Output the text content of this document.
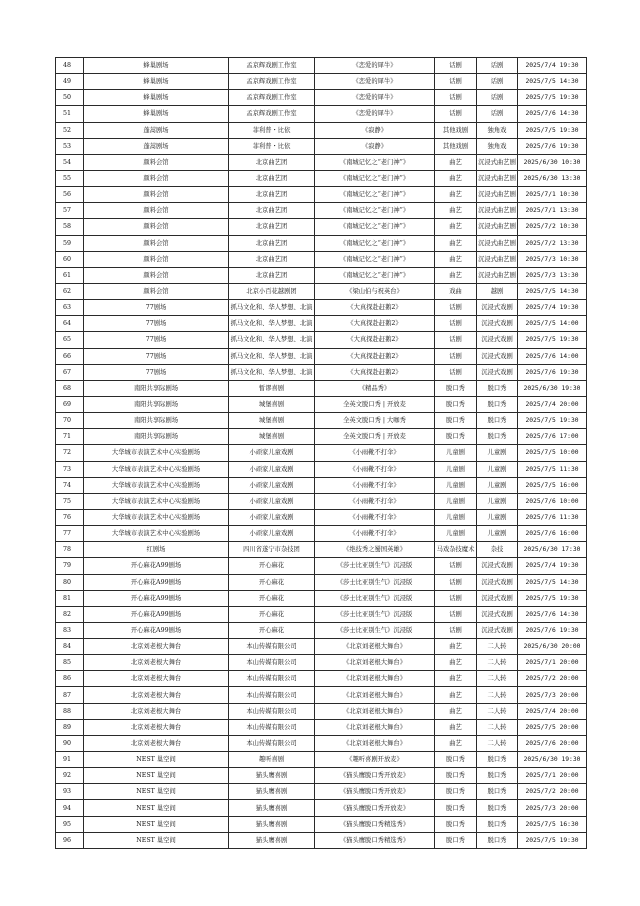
48	蜂巢剧场	孟京辉戏剧工作室	《恋爱的犀牛》	话剧	话剧	2025/7/4 19:30
49	蜂巢剧场	孟京辉戏剧工作室	《恋爱的犀牛》	话剧	话剧	2025/7/5 14:30
50	蜂巢剧场	孟京辉戏剧工作室	《恋爱的犀牛》	话剧	话剧	2025/7/5 19:30
51	蜂巢剧场	孟京辉戏剧工作室	《恋爱的犀牛》	话剧	话剧	2025/7/6 14:30
52	蓬蒿剧场	菲利普・比依	《寂静》	其他戏剧	独角戏	2025/7/5 19:30
53	蓬蒿剧场	菲利普・比依	《寂静》	其他戏剧	独角戏	2025/7/6 19:30
54	颜料会馆	北京曲艺团	《南城记忆之“老门神”》	曲艺	沉浸式曲艺剧	2025/6/30 10:30
55	颜料会馆	北京曲艺团	《南城记忆之“老门神”》	曲艺	沉浸式曲艺剧	2025/6/30 13:30
56	颜料会馆	北京曲艺团	《南城记忆之“老门神”》	曲艺	沉浸式曲艺剧	2025/7/1 10:30
57	颜料会馆	北京曲艺团	《南城记忆之“老门神”》	曲艺	沉浸式曲艺剧	2025/7/1 13:30
58	颜料会馆	北京曲艺团	《南城记忆之“老门神”》	曲艺	沉浸式曲艺剧	2025/7/2 10:30
59	颜料会馆	北京曲艺团	《南城记忆之“老门神”》	曲艺	沉浸式曲艺剧	2025/7/2 13:30
60	颜料会馆	北京曲艺团	《南城记忆之“老门神”》	曲艺	沉浸式曲艺剧	2025/7/3 10:30
61	颜料会馆	北京曲艺团	《南城记忆之“老门神”》	曲艺	沉浸式曲艺剧	2025/7/3 13:30
62	颜料会馆	北京小百花越剧团	《梁山伯与祝英台》	戏曲	越剧	2025/7/5 14:30
63	77剧场	抓马文化和、华人梦想、北演	《大真探赴赶鹅2》	话剧	沉浸式戏剧	2025/7/4 19:30
64	77剧场	抓马文化和、华人梦想、北演	《大真探赴赶鹅2》	话剧	沉浸式戏剧	2025/7/5 14:00
65	77剧场	抓马文化和、华人梦想、北演	《大真探赴赶鹅2》	话剧	沉浸式戏剧	2025/7/5 19:30
66	77剧场	抓马文化和、华人梦想、北演	《大真探赴赶鹅2》	话剧	沉浸式戏剧	2025/7/6 14:00
67	77剧场	抓马文化和、华人梦想、北演	《大真探赴赶鹅2》	话剧	沉浸式戏剧	2025/7/6 19:30
68	南阳共享际剧场	暂谬喜剧	《精品秀》	脱口秀	脱口秀	2025/6/30 19:30
69	南阳共享际剧场	城堡喜剧	全英文脱口秀 | 开放麦	脱口秀	脱口秀	2025/7/4 20:00
70	南阳共享际剧场	城堡喜剧	全英文脱口秀 | 大咖秀	脱口秀	脱口秀	2025/7/5 19:30
71	南阳共享际剧场	城堡喜剧	全英文脱口秀 | 开放麦	脱口秀	脱口秀	2025/7/6 17:00
72	大华城市表演艺术中心实验剧场	小顽家儿童戏剧	《小雨靴不打伞》	儿童剧	儿童剧	2025/7/5 10:00
73	大华城市表演艺术中心实验剧场	小顽家儿童戏剧	《小雨靴不打伞》	儿童剧	儿童剧	2025/7/5 11:30
74	大华城市表演艺术中心实验剧场	小顽家儿童戏剧	《小雨靴不打伞》	儿童剧	儿童剧	2025/7/5 16:00
75	大华城市表演艺术中心实验剧场	小顽家儿童戏剧	《小雨靴不打伞》	儿童剧	儿童剧	2025/7/6 10:00
76	大华城市表演艺术中心实验剧场	小顽家儿童戏剧	《小雨靴不打伞》	儿童剧	儿童剧	2025/7/6 11:30
77	大华城市表演艺术中心实验剧场	小顽家儿童戏剧	《小雨靴不打伞》	儿童剧	儿童剧	2025/7/6 16:00
78	红剧场	四川省遂宁市杂技团	《绝技秀之蜀国英雄》	马戏杂技魔术	杂技	2025/6/30 17:30
79	开心麻花A99剧场	开心麻花	《莎士比亚别生气》沉浸版	话剧	沉浸式戏剧	2025/7/4 19:30
80	开心麻花A99剧场	开心麻花	《莎士比亚别生气》沉浸版	话剧	沉浸式戏剧	2025/7/5 14:30
81	开心麻花A99剧场	开心麻花	《莎士比亚别生气》沉浸版	话剧	沉浸式戏剧	2025/7/5 19:30
82	开心麻花A99剧场	开心麻花	《莎士比亚别生气》沉浸版	话剧	沉浸式戏剧	2025/7/6 14:30
83	开心麻花A99剧场	开心麻花	《莎士比亚别生气》沉浸版	话剧	沉浸式戏剧	2025/7/6 19:30
84	北京刘老根大舞台	本山传媒有限公司	《北京刘老根大舞台》	曲艺	二人转	2025/6/30 20:00
85	北京刘老根大舞台	本山传媒有限公司	《北京刘老根大舞台》	曲艺	二人转	2025/7/1 20:00
86	北京刘老根大舞台	本山传媒有限公司	《北京刘老根大舞台》	曲艺	二人转	2025/7/2 20:00
87	北京刘老根大舞台	本山传媒有限公司	《北京刘老根大舞台》	曲艺	二人转	2025/7/3 20:00
88	北京刘老根大舞台	本山传媒有限公司	《北京刘老根大舞台》	曲艺	二人转	2025/7/4 20:00
89	北京刘老根大舞台	本山传媒有限公司	《北京刘老根大舞台》	曲艺	二人转	2025/7/5 20:00
90	北京刘老根大舞台	本山传媒有限公司	《北京刘老根大舞台》	曲艺	二人转	2025/7/6 20:00
91	NEST 巢空间	趣听喜剧	《趣听喜剧开放麦》	脱口秀	脱口秀	2025/6/30 19:30
92	NEST 巢空间	猫头鹰喜剧	《猫头鹰脱口秀开放麦》	脱口秀	脱口秀	2025/7/1 20:00
93	NEST 巢空间	猫头鹰喜剧	《猫头鹰脱口秀开放麦》	脱口秀	脱口秀	2025/7/2 20:00
94	NEST 巢空间	猫头鹰喜剧	《猫头鹰脱口秀开放麦》	脱口秀	脱口秀	2025/7/3 20:00
95	NEST 巢空间	猫头鹰喜剧	《猫头鹰脱口秀精选秀》	脱口秀	脱口秀	2025/7/5 16:30
96	NEST 巢空间	猫头鹰喜剧	《猫头鹰脱口秀精选秀》	脱口秀	脱口秀	2025/7/5 19:30
